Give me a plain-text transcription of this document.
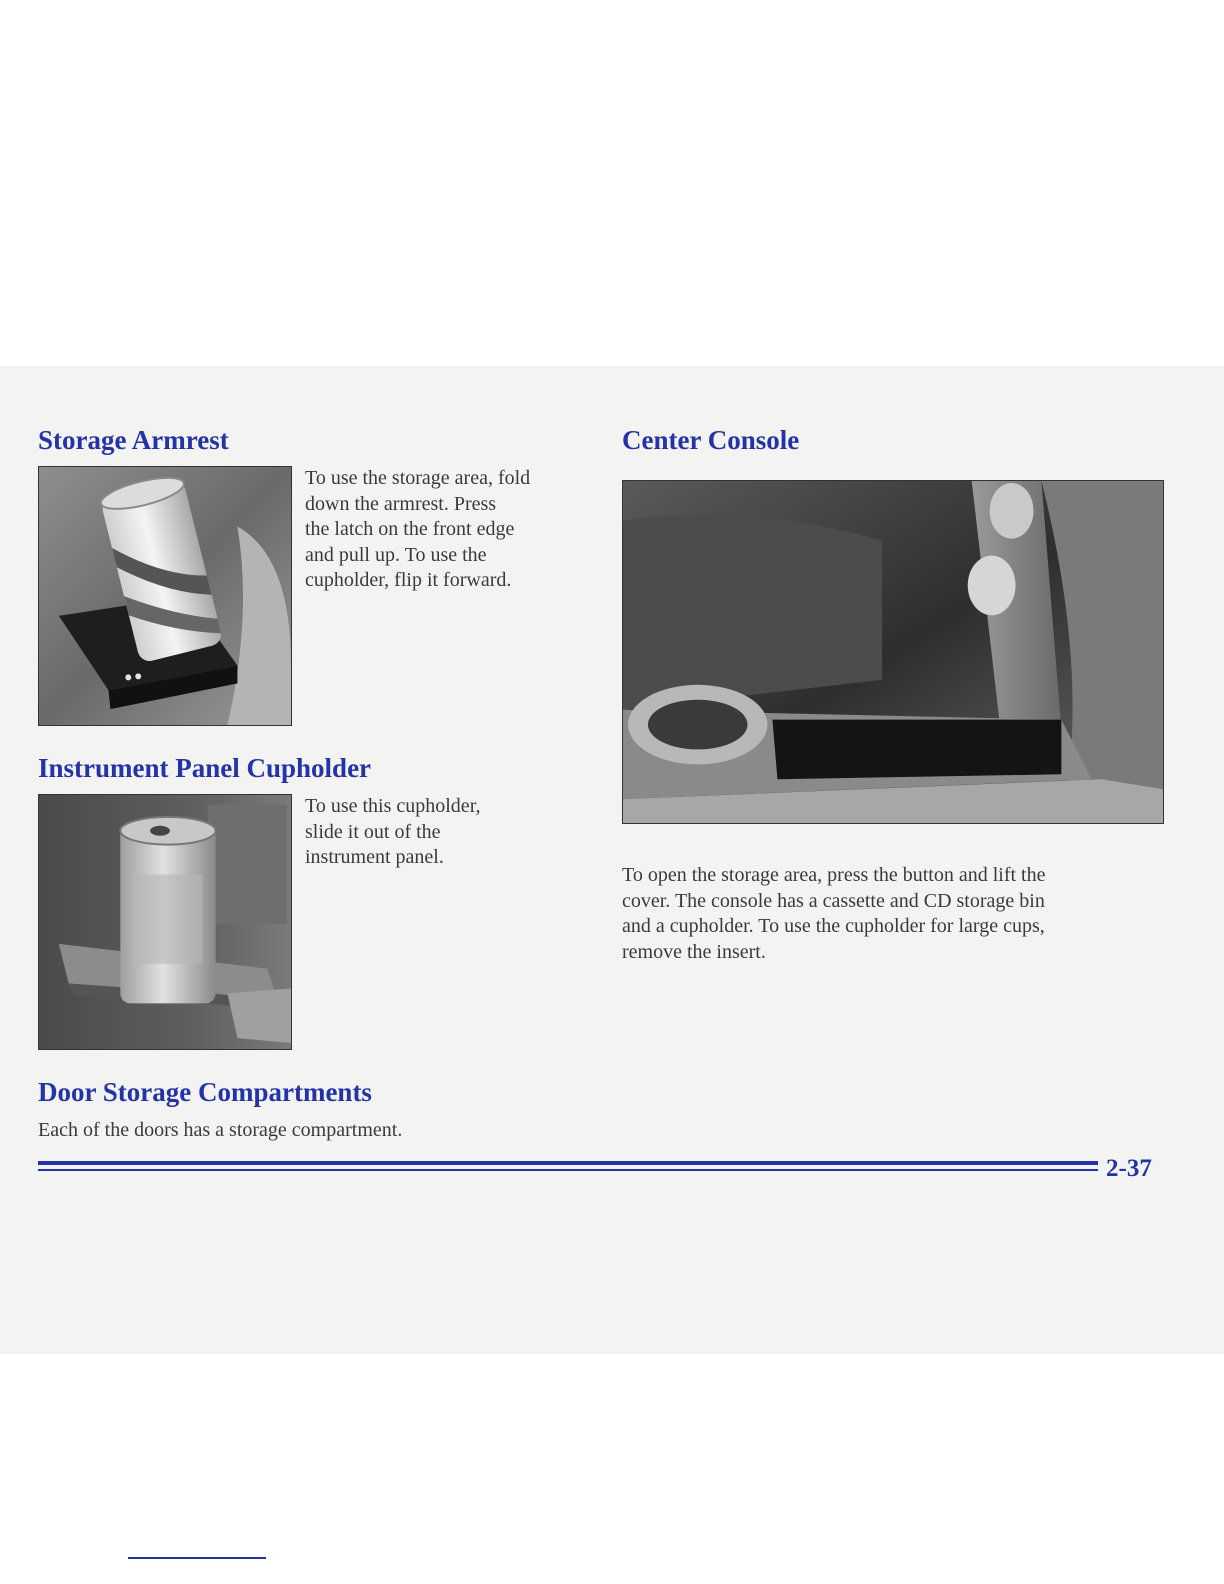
Storage Armrest

To use the storage area, fold
down the armrest. Press
the latch on the front edge
and pull up. To use the
cupholder, flip it forward.

Instrument Panel Cupholder

To use this cupholder,
slide it out of the
instrument panel.

Door Storage Compartments

Each of the doors has a storage compartment.

Center Console

To open the storage area, press the button and lift the
cover. The console has a cassette and CD storage bin
and a cupholder. To use the cupholder for large cups,
remove the insert.

2-37
